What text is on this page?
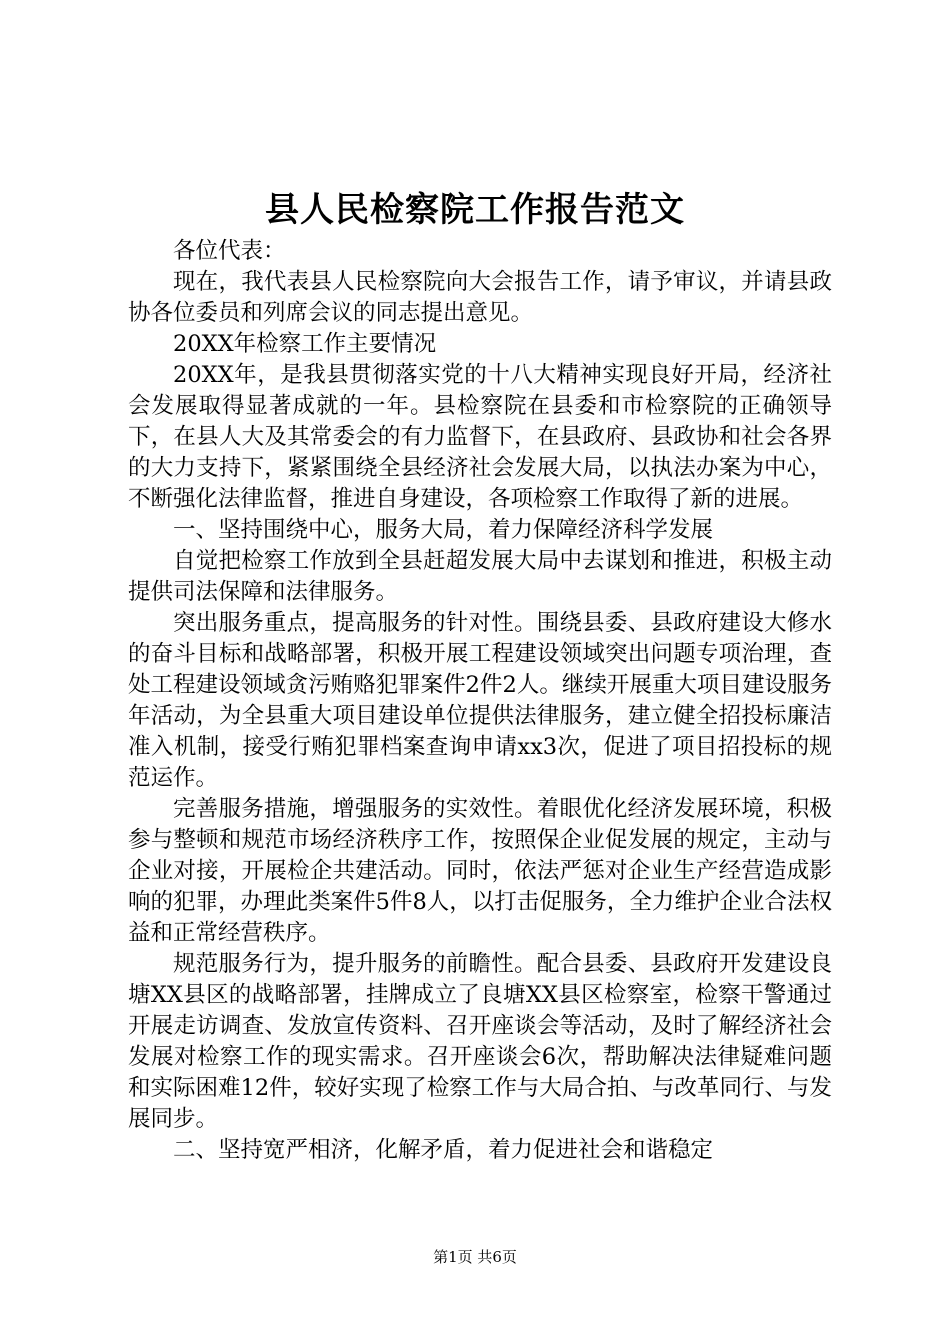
县人民检察院工作报告范文

各位代表：

现在，我代表县人民检察院向大会报告工作，请予审议，并请县政协各位委员和列席会议的同志提出意见。

20XX年检察工作主要情况

20XX年，是我县贯彻落实党的十八大精神实现良好开局，经济社会发展取得显著成就的一年。县检察院在县委和市检察院的正确领导下，在县人大及其常委会的有力监督下，在县政府、县政协和社会各界的大力支持下，紧紧围绕全县经济社会发展大局，以执法办案为中心，不断强化法律监督，推进自身建设，各项检察工作取得了新的进展。

一、坚持围绕中心，服务大局，着力保障经济科学发展

自觉把检察工作放到全县赶超发展大局中去谋划和推进，积极主动提供司法保障和法律服务。

突出服务重点，提高服务的针对性。围绕县委、县政府建设大修水的奋斗目标和战略部署，积极开展工程建设领域突出问题专项治理，查处工程建设领域贪污贿赂犯罪案件2件2人。继续开展重大项目建设服务年活动，为全县重大项目建设单位提供法律服务，建立健全招投标廉洁准入机制，接受行贿犯罪档案查询申请xx3次，促进了项目招投标的规范运作。

完善服务措施，增强服务的实效性。着眼优化经济发展环境，积极参与整顿和规范市场经济秩序工作，按照保企业促发展的规定，主动与企业对接，开展检企共建活动。同时，依法严惩对企业生产经营造成影响的犯罪，办理此类案件5件8人，以打击促服务，全力维护企业合法权益和正常经营秩序。

规范服务行为，提升服务的前瞻性。配合县委、县政府开发建设良塘XX县区的战略部署，挂牌成立了良塘XX县区检察室，检察干警通过开展走访调查、发放宣传资料、召开座谈会等活动，及时了解经济社会发展对检察工作的现实需求。召开座谈会6次，帮助解决法律疑难问题和实际困难12件，较好实现了检察工作与大局合拍、与改革同行、与发展同步。

二、坚持宽严相济，化解矛盾，着力促进社会和谐稳定

第1页 共6页
